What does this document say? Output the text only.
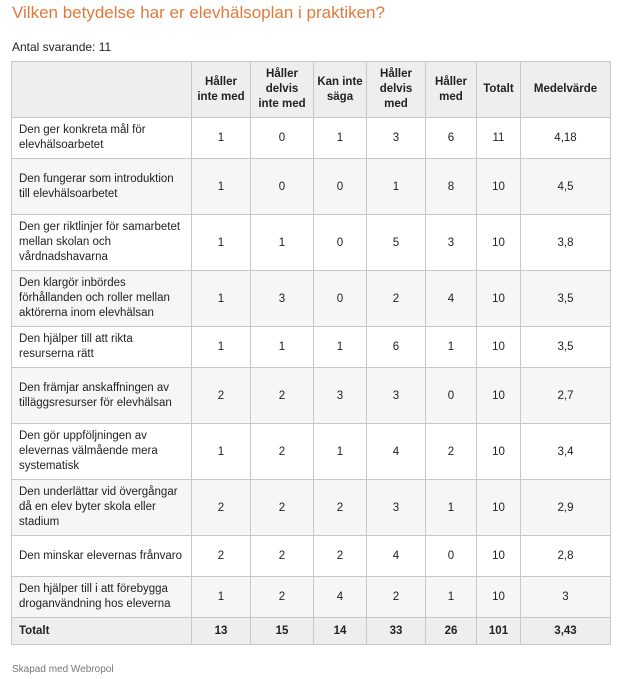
Vilken betydelse har er elevhälsoplan i praktiken?
Antal svarande: 11
	Håller inte med	Håller delvis inte med	Kan inte säga	Håller delvis med	Håller med	Totalt	Medelvärde
Den ger konkreta mål för elevhälsoarbetet	1	0	1	3	6	11	4,18
Den fungerar som introduktion till elevhälsoarbetet	1	0	0	1	8	10	4,5
Den ger riktlinjer för samarbetet mellan skolan och vårdnadshavarna	1	1	0	5	3	10	3,8
Den klargör inbördes förhållanden och roller mellan aktörerna inom elevhälsan	1	3	0	2	4	10	3,5
Den hjälper till att rikta resurserna rätt	1	1	1	6	1	10	3,5
Den främjar anskaffningen av tilläggsresurser för elevhälsan	2	2	3	3	0	10	2,7
Den gör uppföljningen av elevernas välmående mera systematisk	1	2	1	4	2	10	3,4
Den underlättar vid övergångar då en elev byter skola eller stadium	2	2	2	3	1	10	2,9
Den minskar elevernas frånvaro	2	2	2	4	0	10	2,8
Den hjälper till i att förebygga droganvändning hos eleverna	1	2	4	2	1	10	3
Totalt	13	15	14	33	26	101	3,43
Skapad med Webropol
